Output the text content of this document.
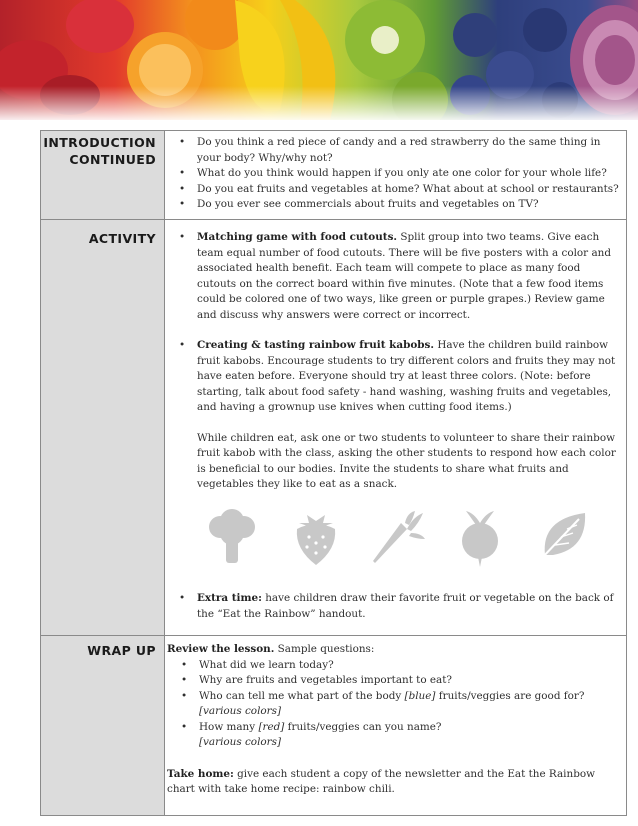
INTRODUCTION
CONTINUED
• Do you think a red piece of candy and a red strawberry do the same thing in your body? Why/why not?
• What do you think would happen if you only ate one color for your whole life?
• Do you eat fruits and vegetables at home? What about at school or restaurants?
• Do you ever see commercials about fruits and vegetables on TV?
ACTIVITY
•	Matching game with food cutouts. Split group into two teams. Give each team equal number of food cutouts. There will be five posters with a color and associated health benefit. Each team will compete to place as many food cutouts on the correct board within five minutes. (Note that a few food items could be colored one of two ways, like green or purple grapes.) Review game and discuss why answers were correct or incorrect.
• Creating & tasting rainbow fruit kabobs. Have the children build rainbow fruit kabobs. Encourage students to try different colors and fruits they may not have eaten before. Everyone should try at least three colors. (Note: before starting, talk about food safety - hand washing, washing fruits and vegetables, and having a grownup use knives when cutting food items.)

While children eat, ask one or two students to volunteer to share their rainbow fruit kabob with the class, asking the other students to respond how each color is beneficial to our bodies. Invite the students to share what fruits and vegetables they like to eat as a snack.

• Extra time: have children draw their favorite fruit or vegetable on the back of the “Eat the Rainbow” handout.
WRAP UP Review the lesson. Sample questions:
• What did we learn today?
• Why are fruits and vegetables important to eat?
• Who can tell me what part of the body [blue] fruits/veggies are good for?
[various colors]
• How many [red] fruits/veggies can you name?
[various colors]
Take home: give each student a copy of the newsletter and the Eat the Rainbow chart with take home recipe: rainbow chili.
